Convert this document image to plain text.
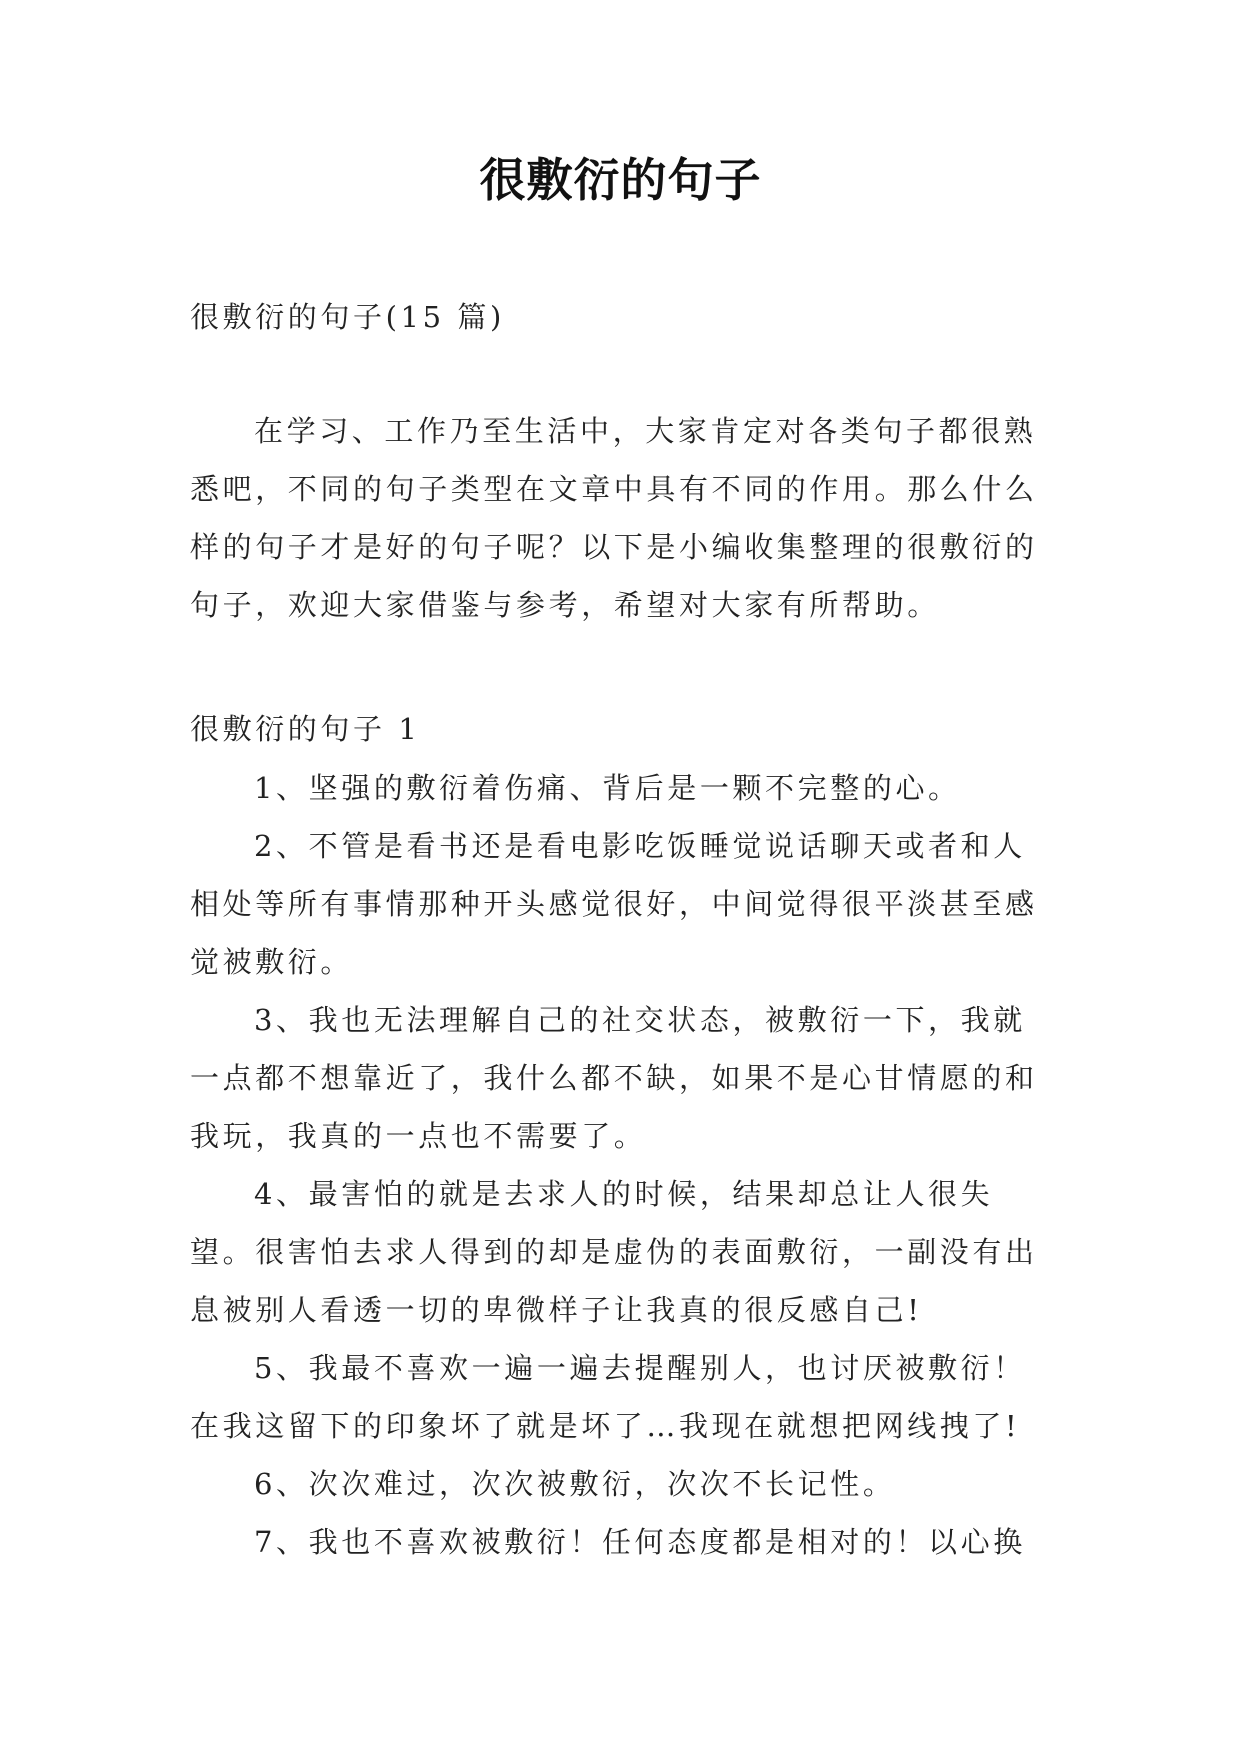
很敷衍的句子
很敷衍的句子(15 篇)

在学习、工作乃至生活中，大家肯定对各类句子都很熟悉吧，不同的句子类型在文章中具有不同的作用。那么什么样的句子才是好的句子呢？以下是小编收集整理的很敷衍的句子，欢迎大家借鉴与参考，希望对大家有所帮助。

很敷衍的句子 1

1、坚强的敷衍着伤痛、背后是一颗不完整的心。

2、不管是看书还是看电影吃饭睡觉说话聊天或者和人相处等所有事情那种开头感觉很好，中间觉得很平淡甚至感觉被敷衍。

3、我也无法理解自己的社交状态，被敷衍一下，我就一点都不想靠近了，我什么都不缺，如果不是心甘情愿的和我玩，我真的一点也不需要了。

4、最害怕的就是去求人的时候，结果却总让人很失望。很害怕去求人得到的却是虚伪的表面敷衍，一副没有出息被别人看透一切的卑微样子让我真的很反感自己!

5、我最不喜欢一遍一遍去提醒别人，也讨厌被敷衍！在我这留下的印象坏了就是坏了…我现在就想把网线拽了!

6、次次难过，次次被敷衍，次次不长记性。

7、我也不喜欢被敷衍！任何态度都是相对的！以心换
